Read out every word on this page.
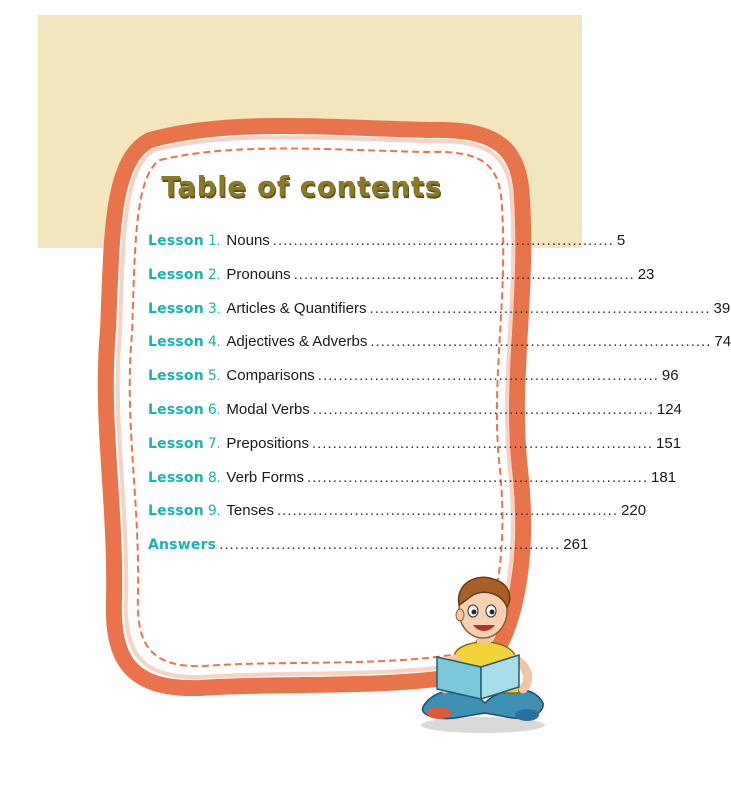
Table of contents
Lesson 1 . Nouns .................................................................. 5
Lesson 2 . Pronouns .................................................................. 23
Lesson 3 . Articles & Quantifiers .................................................................. 39
Lesson 4 . Adjectives & Adverbs .................................................................. 74
Lesson 5 . Comparisons .................................................................. 96
Lesson 6 . Modal Verbs .................................................................. 124
Lesson 7 . Prepositions .................................................................. 151
Lesson 8 . Verb Forms .................................................................. 181
Lesson 9 . Tenses .................................................................. 220
Answers .................................................................. 261
